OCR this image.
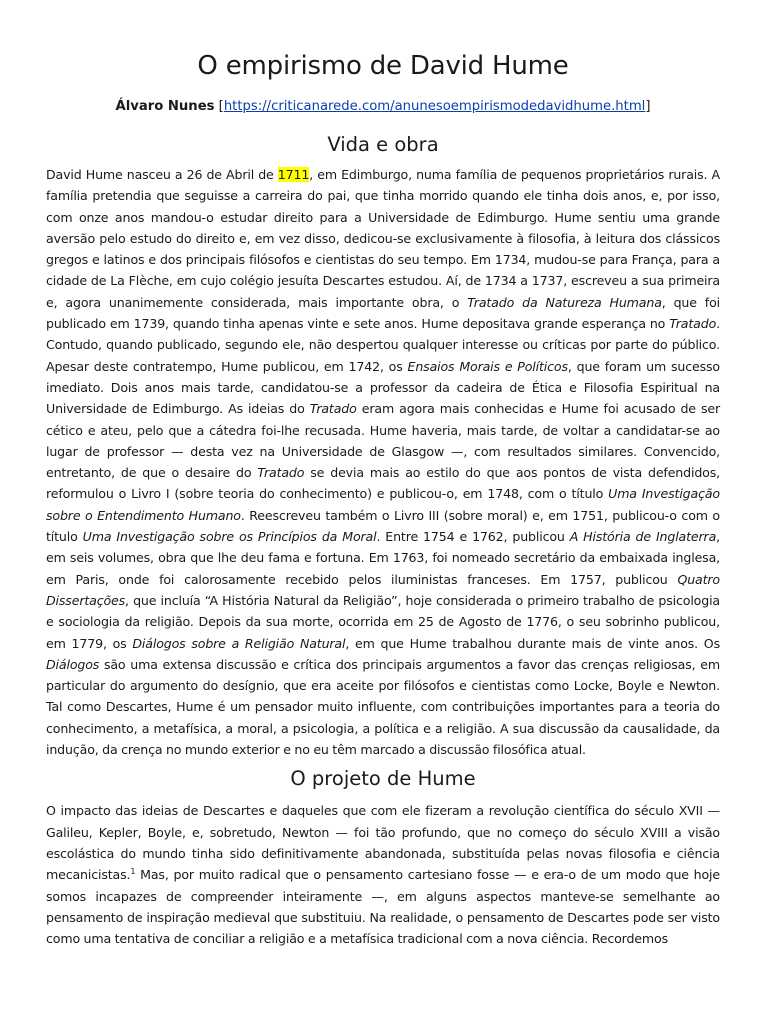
O empirismo de David Hume
Álvaro Nunes [https://criticanarede.com/anunesoempirismodedavidhume.html]
Vida e obra

David Hume nasceu a 26 de Abril de 1711, em Edimburgo, numa família de pequenos proprietários rurais. A família pretendia que seguisse a carreira do pai, que tinha morrido quando ele tinha dois anos, e, por isso, com onze anos mandou-o estudar direito para a Universidade de Edimburgo. Hume sentiu uma grande aversão pelo estudo do direito e, em vez disso, dedicou-se exclusivamente à filosofia, à leitura dos clássicos gregos e latinos e dos principais filósofos e cientistas do seu tempo. Em 1734, mudou-se para França, para a cidade de La Flèche, em cujo colégio jesuíta Descartes estudou. Aí, de 1734 a 1737, escreveu a sua primeira e, agora unanimemente considerada, mais importante obra, o Tratado da Natureza Humana, que foi publicado em 1739, quando tinha apenas vinte e sete anos. Hume depositava grande esperança no Tratado. Contudo, quando publicado, segundo ele, não despertou qualquer interesse ou críticas por parte do público. Apesar deste contratempo, Hume publicou, em 1742, os Ensaios Morais e Políticos, que foram um sucesso imediato. Dois anos mais tarde, candidatou-se a professor da cadeira de Ética e Filosofia Espiritual na Universidade de Edimburgo. As ideias do Tratado eram agora mais conhecidas e Hume foi acusado de ser cético e ateu, pelo que a cátedra foi-lhe recusada. Hume haveria, mais tarde, de voltar a candidatar-se ao lugar de professor — desta vez na Universidade de Glasgow —, com resultados similares. Convencido, entretanto, de que o desaire do Tratado se devia mais ao estilo do que aos pontos de vista defendidos, reformulou o Livro I (sobre teoria do conhecimento) e publicou-o, em 1748, com o título Uma Investigação sobre o Entendimento Humano. Reescreveu também o Livro III (sobre moral) e, em 1751, publicou-o com o título Uma Investigação sobre os Princípios da Moral. Entre 1754 e 1762, publicou A História de Inglaterra, em seis volumes, obra que lhe deu fama e fortuna. Em 1763, foi nomeado secretário da embaixada inglesa, em Paris, onde foi calorosamente recebido pelos iluministas franceses. Em 1757, publicou Quatro Dissertações, que incluía “A História Natural da Religião”, hoje considerada o primeiro trabalho de psicologia e sociologia da religião. Depois da sua morte, ocorrida em 25 de Agosto de 1776, o seu sobrinho publicou, em 1779, os Diálogos sobre a Religião Natural, em que Hume trabalhou durante mais de vinte anos. Os Diálogos são uma extensa discussão e crítica dos principais argumentos a favor das crenças religiosas, em particular do argumento do desígnio, que era aceite por filósofos e cientistas como Locke, Boyle e Newton. Tal como Descartes, Hume é um pensador muito influente, com contribuições importantes para a teoria do conhecimento, a metafísica, a moral, a psicologia, a política e a religião. A sua discussão da causalidade, da indução, da crença no mundo exterior e no eu têm marcado a discussão filosófica atual.

O projeto de Hume

O impacto das ideias de Descartes e daqueles que com ele fizeram a revolução científica do século XVII — Galileu, Kepler, Boyle, e, sobretudo, Newton — foi tão profundo, que no começo do século XVIII a visão escolástica do mundo tinha sido definitivamente abandonada, substituída pelas novas filosofia e ciência mecanicistas.$^1$ Mas, por muito radical que o pensamento cartesiano fosse — e era-o de um modo que hoje somos incapazes de compreender inteiramente —, em alguns aspectos manteve-se semelhante ao pensamento de inspiração medieval que substituiu. Na realidade, o pensamento de Descartes pode ser visto como uma tentativa de conciliar a religião e a metafísica tradicional com a nova ciência. Recordemos
